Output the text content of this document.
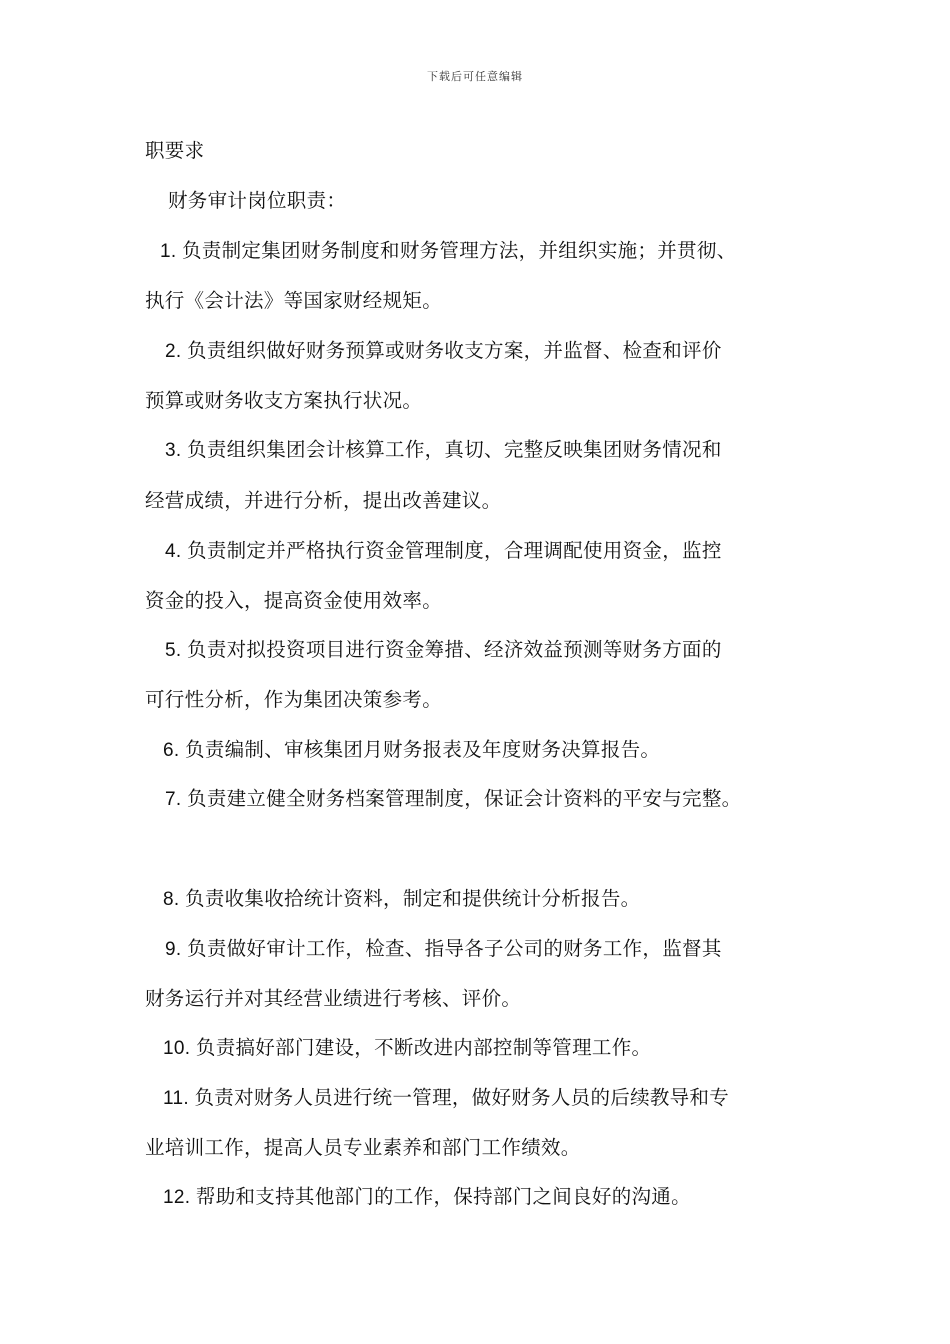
下载后可任意编辑
职要求
财务审计岗位职责：
1. 负责制定集团财务制度和财务管理方法，并组织实施；并贯彻、
执行《会计法》等国家财经规矩。
2. 负责组织做好财务预算或财务收支方案，并监督、检查和评价
预算或财务收支方案执行状况。
3. 负责组织集团会计核算工作，真切、完整反映集团财务情况和
经营成绩，并进行分析，提出改善建议。
4. 负责制定并严格执行资金管理制度，合理调配使用资金，监控
资金的投入，提高资金使用效率。
5. 负责对拟投资项目进行资金筹措、经济效益预测等财务方面的
可行性分析，作为集团决策参考。
6. 负责编制、审核集团月财务报表及年度财务决算报告。
7. 负责建立健全财务档案管理制度，保证会计资料的平安与完整。
8. 负责收集收拾统计资料，制定和提供统计分析报告。
9. 负责做好审计工作，检查、指导各子公司的财务工作，监督其
财务运行并对其经营业绩进行考核、评价。
10. 负责搞好部门建设，不断改进内部控制等管理工作。
11. 负责对财务人员进行统一管理，做好财务人员的后续教导和专
业培训工作，提高人员专业素养和部门工作绩效。
12. 帮助和支持其他部门的工作，保持部门之间良好的沟通。
